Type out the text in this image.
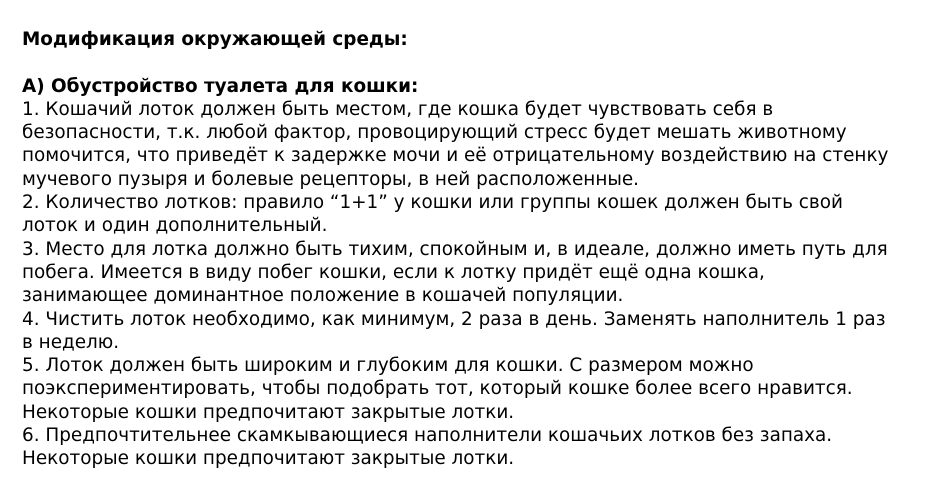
Модификация окружающей среды:
А) Обустройство туалета для кошки:
1. Кошачий лоток должен быть местом, где кошка будет чувствовать себя в
безопасности, т.к. любой фактор, провоцирующий стресс будет мешать животному
помочится, что приведёт к задержке мочи и её отрицательному воздействию на стенку
мучевого пузыря и болевые рецепторы, в ней расположенные.
2. Количество лотков: правило “1+1” у кошки или группы кошек должен быть свой
лоток и один дополнительный.
3. Место для лотка должно быть тихим, спокойным и, в идеале, должно иметь путь для
побега. Имеется в виду побег кошки, если к лотку придёт ещё одна кошка,
занимающее доминантное положение в кошачей популяции.
4. Чистить лоток необходимо, как минимум, 2 раза в день. Заменять наполнитель 1 раз
в неделю.
5. Лоток должен быть широким и глубоким для кошки. С размером можно
поэкспериментировать, чтобы подобрать тот, который кошке более всего нравится.
Некоторые кошки предпочитают закрытые лотки.
6. Предпочтительнее скамкывающиеся наполнители кошачьих лотков без запаха.
Некоторые кошки предпочитают закрытые лотки.
